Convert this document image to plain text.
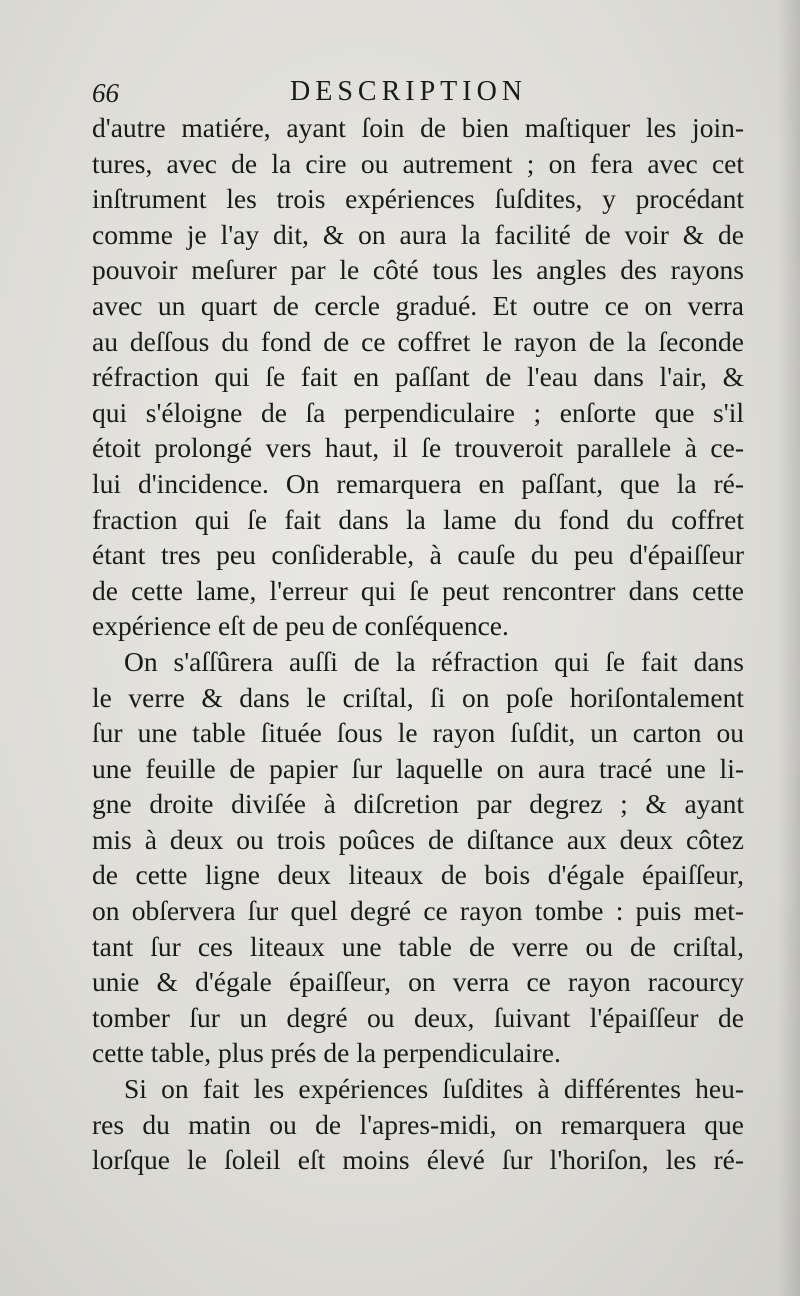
66	DESCRIPTION
d'autre matiére, ayant ſoin de bien maſtiquer les join-
tures, avec de la cire ou autrement ; on fera avec cet
inſtrument les trois expériences ſuſdites, y procédant
comme je l'ay dit, & on aura la facilité de voir & de
pouvoir meſurer par le côté tous les angles des rayons
avec un quart de cercle gradué. Et outre ce on verra
au deſſous du fond de ce coffret le rayon de la ſeconde
réfraction qui ſe fait en paſſant de l'eau dans l'air, &
qui s'éloigne de ſa perpendiculaire ; enſorte que s'il
étoit prolongé vers haut, il ſe trouveroit parallele à ce-
lui d'incidence. On remarquera en paſſant, que la ré-
fraction qui ſe fait dans la lame du fond du coffret
étant tres peu conſiderable, à cauſe du peu d'épaiſſeur
de cette lame, l'erreur qui ſe peut rencontrer dans cette
expérience eſt de peu de conſéquence.
On s'aſſûrera auſſi de la réfraction qui ſe fait dans
le verre & dans le criſtal, ſi on poſe horiſontalement
ſur une table ſituée ſous le rayon ſuſdit, un carton ou
une feuille de papier ſur laquelle on aura tracé une li-
gne droite diviſée à diſcretion par degrez ; & ayant
mis à deux ou trois poûces de diſtance aux deux côtez
de cette ligne deux liteaux de bois d'égale épaiſſeur,
on obſervera ſur quel degré ce rayon tombe : puis met-
tant ſur ces liteaux une table de verre ou de criſtal,
unie & d'égale épaiſſeur, on verra ce rayon racourcy
tomber ſur un degré ou deux, ſuivant l'épaiſſeur de
cette table, plus prés de la perpendiculaire.
Si on fait les expériences ſuſdites à différentes heu-
res du matin ou de l'apres-midi, on remarquera que
lorſque le ſoleil eſt moins élevé ſur l'horiſon, les ré-
